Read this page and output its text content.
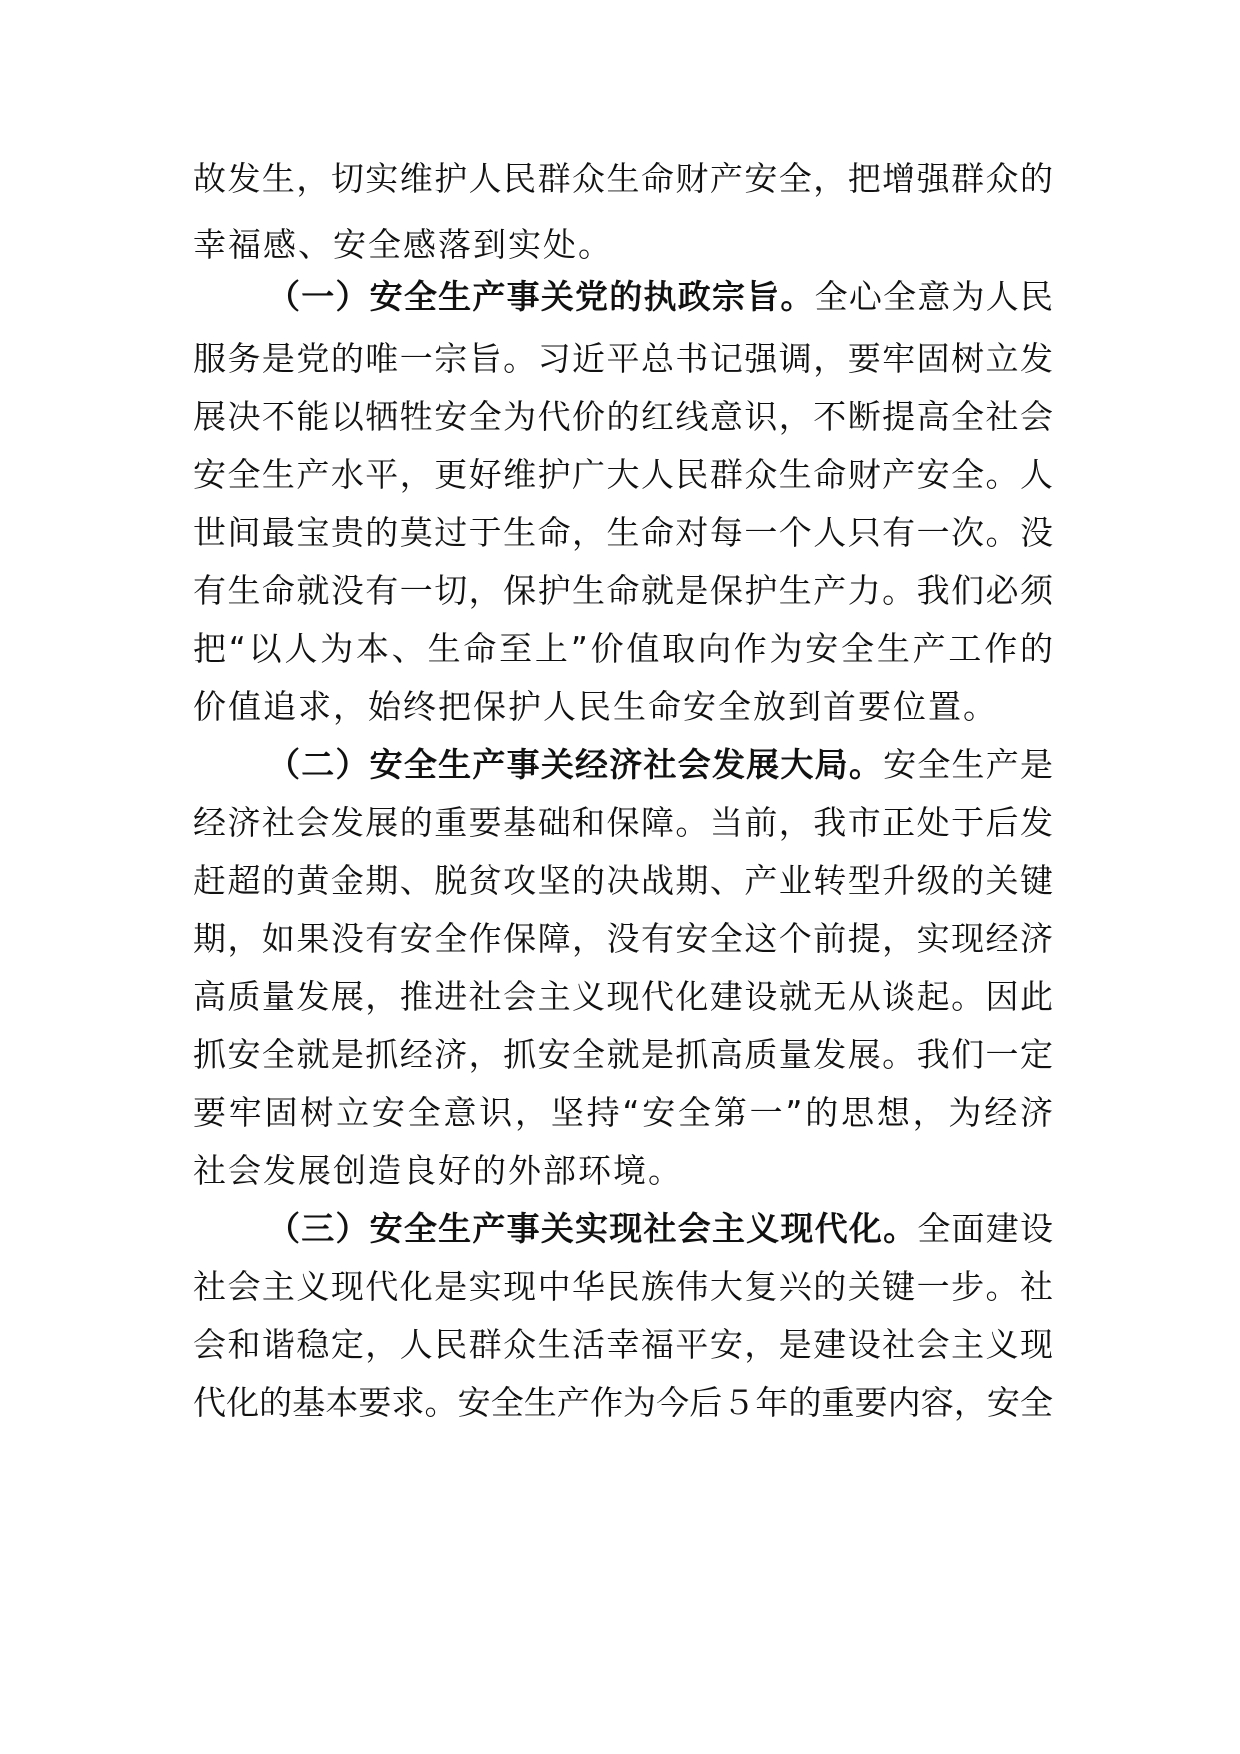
故发生，切实维护人民群众生命财产安全，把增强群众的
幸福感、安全感落到实处。
（一）安全生产事关党的执政宗旨。全心全意为人民
服务是党的唯一宗旨。习近平总书记强调，要牢固树立发
展决不能以牺牲安全为代价的红线意识，不断提高全社会
安全生产水平，更好维护广大人民群众生命财产安全。人
世间最宝贵的莫过于生命，生命对每一个人只有一次。没
有生命就没有一切，保护生命就是保护生产力。我们必须
把“以人为本、生命至上”价值取向作为安全生产工作的
价值追求，始终把保护人民生命安全放到首要位置。
（二）安全生产事关经济社会发展大局。安全生产是
经济社会发展的重要基础和保障。当前，我市正处于后发
赶超的黄金期、脱贫攻坚的决战期、产业转型升级的关键
期，如果没有安全作保障，没有安全这个前提，实现经济
高质量发展，推进社会主义现代化建设就无从谈起。因此
抓安全就是抓经济，抓安全就是抓高质量发展。我们一定
要牢固树立安全意识，坚持“安全第一”的思想，为经济
社会发展创造良好的外部环境。
（三）安全生产事关实现社会主义现代化。全面建设
社会主义现代化是实现中华民族伟大复兴的关键一步。社
会和谐稳定，人民群众生活幸福平安，是建设社会主义现
代化的基本要求。安全生产作为今后５年的重要内容，安全
